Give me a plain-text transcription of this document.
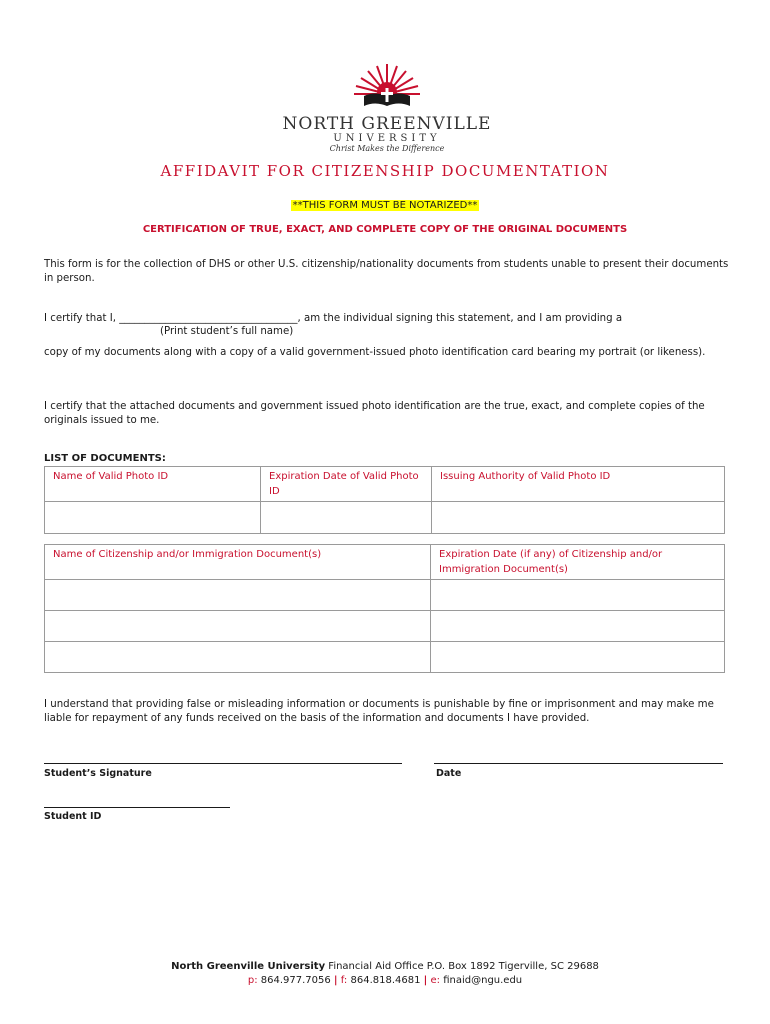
NORTH GREENVILLE
UNIVERSITY
Christ Makes the Difference
AFFIDAVIT FOR CITIZENSHIP DOCUMENTATION
**THIS FORM MUST BE NOTARIZED**
CERTIFICATION OF TRUE, EXACT, AND COMPLETE COPY OF THE ORIGINAL DOCUMENTS
This form is for the collection of DHS or other U.S. citizenship/nationality documents from students unable to present their documents in person.
I certify that I, ___________________________________, am the individual signing this statement, and I am providing a
(Print student’s full name)
copy of my documents along with a copy of a valid government-issued photo identification card bearing my portrait (or likeness).
I certify that the attached documents and government issued photo identification are the true, exact, and complete copies of the originals issued to me.
LIST OF DOCUMENTS:
Name of Valid Photo ID	Expiration Date of Valid Photo ID	Issuing Authority of Valid Photo ID

Name of Citizenship and/or Immigration Document(s)	Expiration Date (if any) of Citizenship and/or Immigration Document(s)

I understand that providing false or misleading information or documents is punishable by fine or imprisonment and may make me liable for repayment of any funds received on the basis of the information and documents I have provided.
Student’s Signature	Date
Student ID
North Greenville University Financial Aid Office P.O. Box 1892 Tigerville, SC 29688
p: 864.977.7056 | f: 864.818.4681 | e: finaid@ngu.edu
